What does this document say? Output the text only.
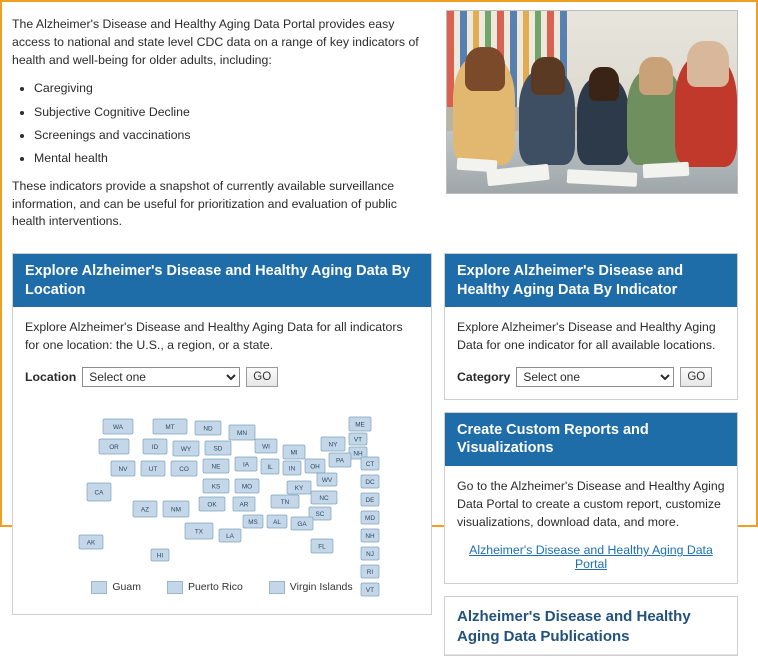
The Alzheimer's Disease and Healthy Aging Data Portal provides easy access to national and state level CDC data on a range of key indicators of health and well-being for older adults, including:

• Caregiving
• Subjective Cognitive Decline
• Screenings and vaccinations
• Mental health

These indicators provide a snapshot of currently available surveillance information, and can be useful for prioritization and evaluation of public health interventions.

Explore Alzheimer's Disease and Healthy Aging Data By Location

Explore Alzheimer's Disease and Healthy Aging Data for all indicators for one location: the U.S., a region, or a state.

Location
Select one	GO
WA	MT	ND
MN
ME
OR	ID	WY	SD	WI
MI
NY
VT
NH
NV	UT	CO	NE	IA	IL	IN OH
PA
CA
KS	MO	KY
WV
AZ	NM
OK	AR	TN
NC
SC
MS AL	GA
TX
LA
FL
AK
HI
CT
DC
DE
MD
NH
NJ
RI
VT
Guam	Puerto Rico	Virgin Islands
Explore Alzheimer's Disease and Healthy Aging Data By Indicator

Explore Alzheimer's Disease and Healthy Aging Data for one indicator for all available locations.

Category
Select one	GO
Create Custom Reports and Visualizations

Go to the Alzheimer's Disease and Healthy Aging Data Portal to create a custom report, customize visualizations, download data, and more.

Alzheimer's Disease and Healthy Aging Data Portal
Alzheimer's Disease and Healthy Aging Data Publications
